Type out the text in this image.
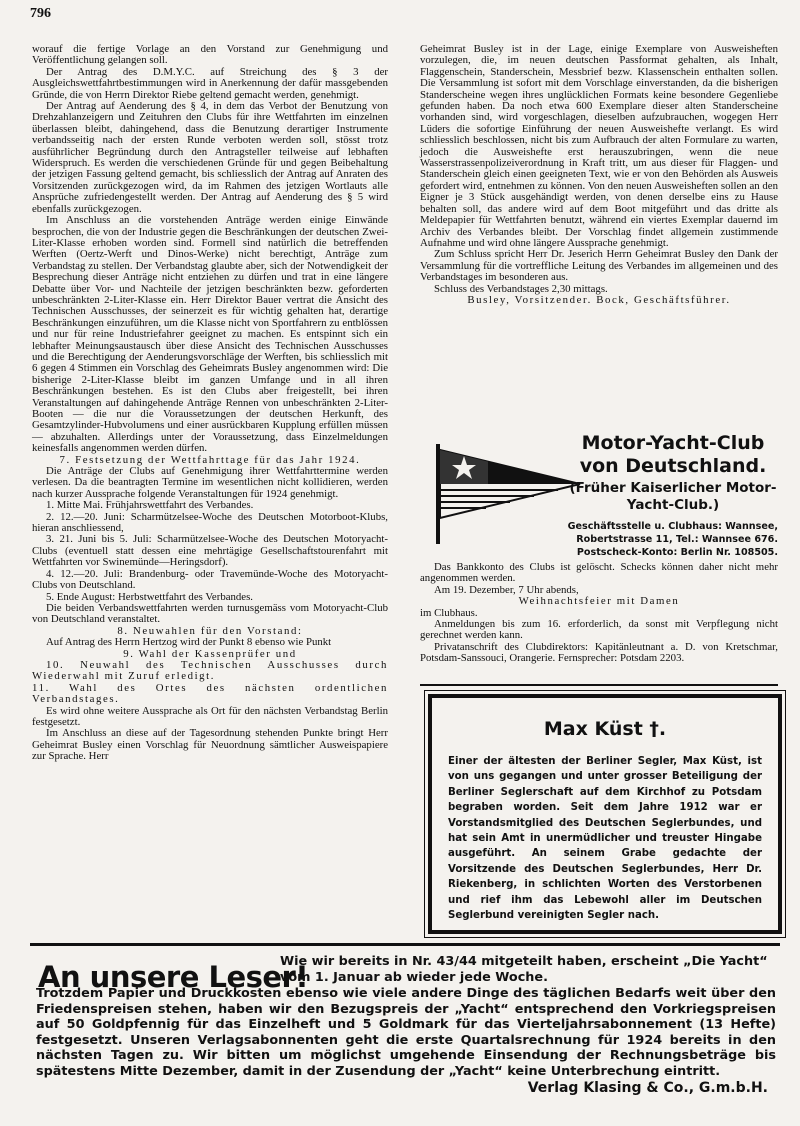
796

worauf die fertige Vorlage an den Vorstand zur Genehmigung und Veröffentlichung gelangen soll.

Der Antrag des D.M.Y.C. auf Streichung des § 3 der Ausgleichswettfahrtbestimmungen wird in Anerkennung der dafür massgebenden Gründe, die von Herrn Direktor Riebe geltend gemacht werden, genehmigt.

Der Antrag auf Aenderung des § 4, in dem das Verbot der Benutzung von Drehzahlanzeigern und Zeituhren den Clubs für ihre Wettfahrten im einzelnen überlassen bleibt, dahingehend, dass die Benutzung derartiger Instrumente verbandsseitig nach der ersten Runde verboten werden soll, stösst trotz ausführlicher Begründung durch den Antragsteller teilweise auf lebhaften Widerspruch. Es werden die verschiedenen Gründe für und gegen Beibehaltung der jetzigen Fassung geltend gemacht, bis schliesslich der Antrag auf Anraten des Vorsitzenden zurückgezogen wird, da im Rahmen des jetzigen Wortlauts alle Ansprüche zufriedengestellt werden. Der Antrag auf Aenderung des § 5 wird ebenfalls zurückgezogen.

Im Anschluss an die vorstehenden Anträge werden einige Einwände besprochen, die von der Industrie gegen die Beschränkungen der deutschen Zwei-Liter-Klasse erhoben worden sind. Formell sind natürlich die betreffenden Werften (Oertz-Werft und Dinos-Werke) nicht berechtigt, Anträge zum Verbandstag zu stellen. Der Verbandstag glaubte aber, sich der Notwendigkeit der Besprechung dieser Anträge nicht entziehen zu dürfen und trat in eine längere Debatte über Vor- und Nachteile der jetzigen beschränkten bezw. geforderten unbeschränkten 2-Liter-Klasse ein. Herr Direktor Bauer vertrat die Ansicht des Technischen Ausschusses, der seinerzeit es für wichtig gehalten hat, derartige Beschränkungen einzuführen, um die Klasse nicht von Sportfahrern zu entblössen und nur für reine Industriefahrer geeignet zu machen. Es entspinnt sich ein lebhafter Meinungsaustausch über diese Ansicht des Technischen Ausschusses und die Berechtigung der Aenderungsvorschläge der Werften, bis schliesslich mit 6 gegen 4 Stimmen ein Vorschlag des Geheimrats Busley angenommen wird: Die bisherige 2-Liter-Klasse bleibt im ganzen Umfange und in all ihren Beschränkungen bestehen. Es ist den Clubs aber freigestellt, bei ihren Veranstaltungen auf dahingehende Anträge Rennen von unbeschränkten 2-Liter-Booten — die nur die Voraussetzungen der deutschen Herkunft, des Gesamtzylinder-Hubvolumens und einer ausrückbaren Kupplung erfüllen müssen — abzuhalten. Allerdings unter der Voraussetzung, dass Einzelmeldungen keinesfalls angenommen werden dürfen.

7. Festsetzung der Wettfahrttage für das Jahr 1924.

Die Anträge der Clubs auf Genehmigung ihrer Wettfahrttermine werden verlesen. Da die beantragten Termine im wesentlichen nicht kollidieren, werden nach kurzer Aussprache folgende Veranstaltungen für 1924 genehmigt.

1. Mitte Mai. Frühjahrswettfahrt des Verbandes.

2. 12.—20. Juni: Scharmützelsee-Woche des Deutschen Motorboot-Klubs, hieran anschliessend,

3. 21. Juni bis 5. Juli: Scharmützelsee-Woche des Deutschen Motoryacht-Clubs (eventuell statt dessen eine mehrtägige Gesellschaftstourenfahrt mit Wettfahrten vor Swinemünde—Heringsdorf).

4. 12.—20. Juli: Brandenburg- oder Travemünde-Woche des Motoryacht-Clubs von Deutschland.

5. Ende August: Herbstwettfahrt des Verbandes.

Die beiden Verbandswettfahrten werden turnusgemäss vom Motoryacht-Club von Deutschland veranstaltet.

8. Neuwahlen für den Vorstand:

Auf Antrag des Herrn Hertzog wird der Punkt 8 ebenso wie Punkt

9. Wahl der Kassenprüfer und

10. Neuwahl des Technischen Ausschusses durch Wiederwahl mit Zuruf erledigt.

11. Wahl des Ortes des nächsten ordentlichen Verbandstages.

Es wird ohne weitere Aussprache als Ort für den nächsten Verbandstag Berlin festgesetzt.

Im Anschluss an diese auf der Tagesordnung stehenden Punkte bringt Herr Geheimrat Busley einen Vorschlag für Neuordnung sämtlicher Ausweispapiere zur Sprache. Herr

Geheimrat Busley ist in der Lage, einige Exemplare von Ausweisheften vorzulegen, die, im neuen deutschen Passformat gehalten, als Inhalt, Flaggenschein, Standerschein, Messbrief bezw. Klassenschein enthalten sollen. Die Versammlung ist sofort mit dem Vorschlage einverstanden, da die bisherigen Standerscheine wegen ihres unglücklichen Formats keine besondere Gegenliebe gefunden haben. Da noch etwa 600 Exemplare dieser alten Standerscheine vorhanden sind, wird vorgeschlagen, dieselben aufzubrauchen, wogegen Herr Lüders die sofortige Einführung der neuen Ausweishefte verlangt. Es wird schliesslich beschlossen, nicht bis zum Aufbrauch der alten Formulare zu warten, jedoch die Ausweishefte erst herauszubringen, wenn die neue Wasserstrassenpolizeiverordnung in Kraft tritt, um aus dieser für Flaggen- und Standerschein gleich einen geeigneten Text, wie er von den Behörden als Ausweis gefordert wird, entnehmen zu können. Von den neuen Ausweisheften sollen an den Eigner je 3 Stück ausgehändigt werden, von denen derselbe eins zu Hause behalten soll, das andere wird auf dem Boot mitgeführt und das dritte als Meldepapier für Wettfahrten benutzt, während ein viertes Exemplar dauernd im Archiv des Verbandes bleibt. Der Vorschlag findet allgemein zustimmende Aufnahme und wird ohne längere Aussprache genehmigt.

Zum Schluss spricht Herr Dr. Jeserich Herrn Geheimrat Busley den Dank der Versammlung für die vortreffliche Leitung des Verbandes im allgemeinen und des Verbandstages im besonderen aus.

Schluss des Verbandstages 2,30 mittags.

Busley, Vorsitzender. Bock, Geschäftsführer.

Motor-Yacht-Club von Deutschland.
(Früher Kaiserlicher Motor-Yacht-Club.)
Geschäftsstelle u. Clubhaus: Wannsee,
Robertstrasse 11, Tel.: Wannsee 676.
Postscheck-Konto: Berlin Nr. 108505.

Das Bankkonto des Clubs ist gelöscht. Schecks können daher nicht mehr angenommen werden.

Am 19. Dezember, 7 Uhr abends,

Weihnachtsfeier mit Damen

im Clubhaus.

Anmeldungen bis zum 16. erforderlich, da sonst mit Verpflegung nicht gerechnet werden kann.

Privatanschrift des Clubdirektors: Kapitänleutnant a. D. von Kretschmar, Potsdam-Sanssouci, Orangerie. Fernsprecher: Potsdam 2203.

Max Küst †.
Einer der ältesten der Berliner Segler, Max Küst, ist von uns gegangen und unter grosser Beteiligung der Berliner Seglerschaft auf dem Kirchhof zu Potsdam begraben worden. Seit dem Jahre 1912 war er Vorstandsmitglied des Deutschen Seglerbundes, und hat sein Amt in unermüdlicher und treuster Hingabe ausgeführt. An seinem Grabe gedachte der Vorsitzende des Deutschen Seglerbundes, Herr Dr. Riekenberg, in schlichten Worten des Verstorbenen und rief ihm das Lebewohl aller im Deutschen Seglerbund vereinigten Segler nach.
An unsere Leser!
Wie wir bereits in Nr. 43/44 mitgeteilt haben, erscheint „Die Yacht“ vom 1. Januar ab wieder jede Woche.
Trotzdem Papier und Druckkosten ebenso wie viele andere Dinge des täglichen Bedarfs weit über den Friedenspreisen stehen, haben wir den Bezugspreis der „Yacht“ entsprechend den Vorkriegspreisen auf 50 Goldpfennig für das Einzelheft und 5 Goldmark für das Vierteljahrsabonnement (13 Hefte) festgesetzt. Unseren Verlagsabonnenten geht die erste Quartalsrechnung für 1924 bereits in den nächsten Tagen zu. Wir bitten um möglichst umgehende Einsendung der Rechnungsbeträge bis spätestens Mitte Dezember, damit in der Zusendung der „Yacht“ keine Unterbrechung eintritt.
Verlag Klasing & Co., G.m.b.H.
